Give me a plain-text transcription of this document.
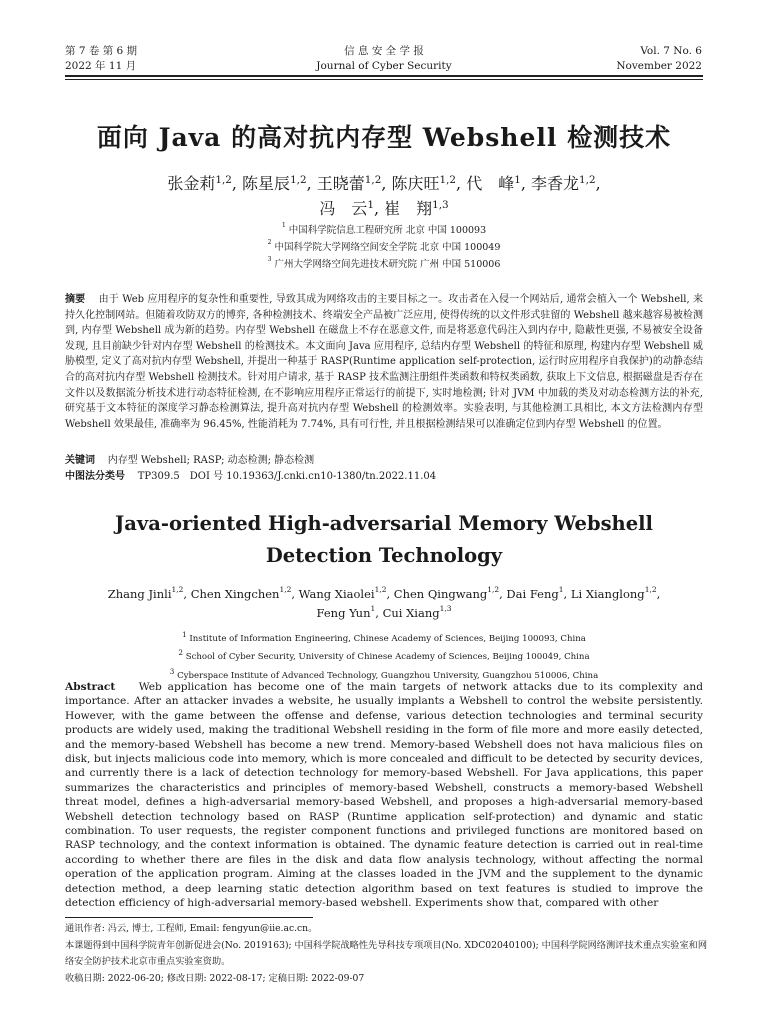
第 7 卷 第 6 期
2022 年 11 月
信 息 安 全 学 报
Journal of Cyber Security
Vol. 7 No. 6
November 2022
面向 Java 的高对抗内存型 Webshell 检测技术
张金莉$^{1,2}$, 陈星辰$^{1,2}$, 王晓蕾$^{1,2}$, 陈庆旺$^{1,2}$, 代　峰$^1$, 李香龙$^{1,2}$,
冯　云$^1$, 崔　翔$^{1,3}$
$^1$ 中国科学院信息工程研究所 北京 中国 100093
$^2$ 中国科学院大学网络空间安全学院 北京 中国 100049
$^3$ 广州大学网络空间先进技术研究院 广州 中国 510006
摘要 由于 Web 应用程序的复杂性和重要性, 导致其成为网络攻击的主要目标之一。攻击者在入侵一个网站后, 通常会植入一个 Webshell, 来持久化控制网站。但随着攻防双方的博弈, 各种检测技术、终端安全产品被广泛应用, 使得传统的以文件形式驻留的 Webshell 越来越容易被检测到, 内存型 Webshell 成为新的趋势。内存型 Webshell 在磁盘上不存在恶意文件, 而是将恶意代码注入到内存中, 隐蔽性更强, 不易被安全设备发现, 且目前缺少针对内存型 Webshell 的检测技术。本文面向 Java 应用程序, 总结内存型 Webshell 的特征和原理, 构建内存型 Webshell 威胁模型, 定义了高对抗内存型 Webshell, 并提出一种基于 RASP(Runtime application self-protection, 运行时应用程序自我保护)的动静态结合的高对抗内存型 Webshell 检测技术。针对用户请求, 基于 RASP 技术监测注册组件类函数和特权类函数, 获取上下文信息, 根据磁盘是否存在文件以及数据流分析技术进行动态特征检测, 在不影响应用程序正常运行的前提下, 实时地检测; 针对 JVM 中加载的类及对动态检测方法的补充, 研究基于文本特征的深度学习静态检测算法, 提升高对抗内存型 Webshell 的检测效率。实验表明, 与其他检测工具相比, 本文方法检测内存型 Webshell 效果最佳, 准确率为 96.45%, 性能消耗为 7.74%, 具有可行性, 并且根据检测结果可以准确定位到内存型 Webshell 的位置。
关键词 内存型 Webshell; RASP; 动态检测; 静态检测
中图法分类号 TP309.5　DOI 号 10.19363/J.cnki.cn10-1380/tn.2022.11.04
Java-oriented High-adversarial Memory Webshell
Detection Technology
Zhang Jinli$^{1,2}$, Chen Xingchen$^{1,2}$, Wang Xiaolei$^{1,2}$, Chen Qingwang$^{1,2}$, Dai Feng$^1$, Li Xianglong$^{1,2}$,
Feng Yun$^1$, Cui Xiang$^{1,3}$
$^1$ Institute of Information Engineering, Chinese Academy of Sciences, Beijing 100093, China
$^2$ School of Cyber Security, University of Chinese Academy of Sciences, Beijing 100049, China
$^3$ Cyberspace Institute of Advanced Technology, Guangzhou University, Guangzhou 510006, China
Abstract Web application has become one of the main targets of network attacks due to its complexity and importance. After an attacker invades a website, he usually implants a Webshell to control the website persistently. However, with the game between the offense and defense, various detection technologies and terminal security products are widely used, making the traditional Webshell residing in the form of file more and more easily detected, and the memory-based Webshell has become a new trend. Memory-based Webshell does not hava malicious files on disk, but injects malicious code into memory, which is more concealed and difficult to be detected by security devices, and currently there is a lack of detection technology for memory-based Webshell. For Java applications, this paper summarizes the characteristics and principles of memory-based Webshell, constructs a memory-based Webshell threat model, defines a high-adversarial memory-based Webshell, and proposes a high-adversarial memory-based Webshell detection technology based on RASP (Runtime application self-protection) and dynamic and static combination. To user requests, the register component functions and privileged functions are monitored based on RASP technology, and the context information is obtained. The dynamic feature detection is carried out in real-time according to whether there are files in the disk and data flow analysis technology, without affecting the normal operation of the application program. Aiming at the classes loaded in the JVM and the supplement to the dynamic detection method, a deep learning static detection algorithm based on text features is studied to improve the detection efficiency of high-adversarial memory-based webshell. Experiments show that, compared with other
通讯作者: 冯云, 博士, 工程师, Email: fengyun@iie.ac.cn。
本课题得到中国科学院青年创新促进会(No. 2019163); 中国科学院战略性先导科技专项项目(No. XDC02040100); 中国科学院网络测评技术重点实验室和网络安全防护技术北京市重点实验室资助。
收稿日期: 2022-06-20; 修改日期: 2022-08-17; 定稿日期: 2022-09-07
